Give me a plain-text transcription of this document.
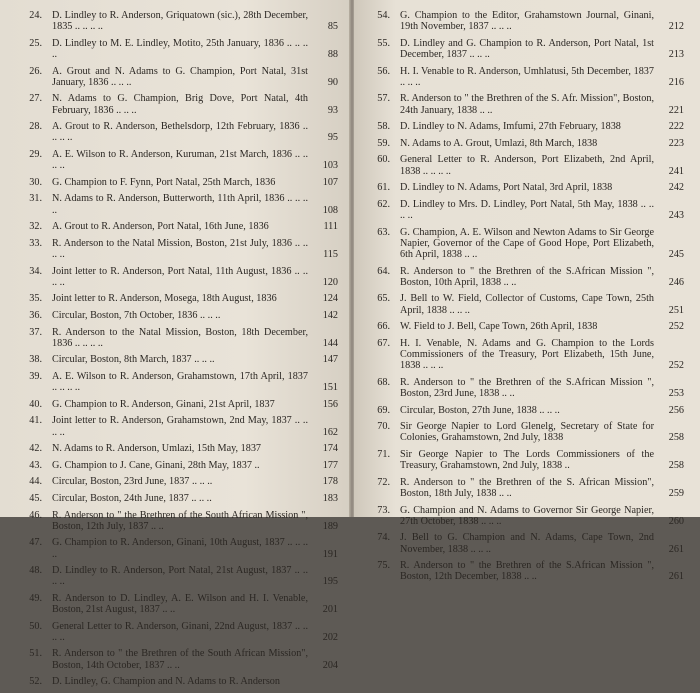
24. D. Lindley to R. Anderson, Griquatown (sic.), 28th December, 1835 .. .. .. ..	85
25. D. Lindley to M. E. Lindley, Motito, 25th January, 1836 .. .. .. ..	88
26. A. Grout and N. Adams to G. Champion, Port Natal, 31st January, 1836 .. .. ..	90
27. N. Adams to G. Champion, Brig Dove, Port Natal, 4th February, 1836 .. .. ..	93
28. A. Grout to R. Anderson, Bethelsdorp, 12th February, 1836 .. .. .. ..	95
29. A. E. Wilson to R. Anderson, Kuruman, 21st March, 1836 .. .. .. ..	103
30. G. Champion to F. Fynn, Port Natal, 25th March, 1836	107
31. N. Adams to R. Anderson, Butterworth, 11th April, 1836 .. .. .. ..	108
32. A. Grout to R. Anderson, Port Natal, 16th June, 1836	111
33. R. Anderson to the Natal Mission, Boston, 21st July, 1836 .. .. .. ..	115
34. Joint letter to R. Anderson, Port Natal, 11th August, 1836 .. .. .. ..	120
35. Joint letter to R. Anderson, Mosega, 18th August, 1836	124
36. Circular, Boston, 7th October, 1836 .. .. ..	142
37. R. Anderson to the Natal Mission, Boston, 18th December, 1836 .. .. .. ..	144
38. Circular, Boston, 8th March, 1837 .. .. ..	147
39. A. E. Wilson to R. Anderson, Grahamstown, 17th April, 1837 .. .. .. ..	151
40. G. Champion to R. Anderson, Ginani, 21st April, 1837	156
41. Joint letter to R. Anderson, Grahamstown, 2nd May, 1837 .. .. .. ..	162
42. N. Adams to R. Anderson, Umlazi, 15th May, 1837	174
43. G. Champion to J. Cane, Ginani, 28th May, 1837 ..	177
44. Circular, Boston, 23rd June, 1837 .. .. ..	178
45. Circular, Boston, 24th June, 1837 .. .. ..	183
46. R. Anderson to " the Brethren of the South African Mission ", Boston, 12th July, 1837 .. ..	189
47. G. Champion to R. Anderson, Ginani, 10th August, 1837 .. .. .. ..	191
48. D. Lindley to R. Anderson, Port Natal, 21st August, 1837 .. .. .. ..	195
49. R. Anderson to D. Lindley, A. E. Wilson and H. I. Venable, Boston, 21st August, 1837 .. ..	201
50. General Letter to R. Anderson, Ginani, 22nd August, 1837 .. .. .. ..	202
51. R. Anderson to " the Brethren of the South African Mission", Boston, 14th October, 1837 .. ..	204
52. D. Lindley, G. Champion and N. Adams to R. Anderson
54. G. Champion to the Editor, Grahamstown Journal, Ginani, 19th November, 1837 .. .. ..	212
55. D. Lindley and G. Champion to R. Anderson, Port Natal, 1st December, 1837 .. .. ..	213
56. H. I. Venable to R. Anderson, Umhlatusi, 5th December, 1837 .. .. ..	216
57. R. Anderson to " the Brethren of the S. Afr. Mission", Boston, 24th January, 1838 .. ..	221
58. D. Lindley to N. Adams, Imfumi, 27th February, 1838	222
59. N. Adams to A. Grout, Umlazi, 8th March, 1838	223
60. General Letter to R. Anderson, Port Elizabeth, 2nd April, 1838 .. .. .. ..	241
61. D. Lindley to N. Adams, Port Natal, 3rd April, 1838	242
62. D. Lindley to Mrs. D. Lindley, Port Natal, 5th May, 1838 .. .. .. ..	243
63. G. Champion, A. E. Wilson and Newton Adams to Sir George Napier, Governor of the Cape of Good Hope, Port Elizabeth, 6th April, 1838 .. ..	245
64. R. Anderson to " the Brethren of the S.African Mission ", Boston, 10th April, 1838 .. ..	246
65. J. Bell to W. Field, Collector of Customs, Cape Town, 25th April, 1838 .. .. ..	251
66. W. Field to J. Bell, Cape Town, 26th April, 1838	252
67. H. I. Venable, N. Adams and G. Champion to the Lords Commissioners of the Treasury, Port Elizabeth, 15th June, 1838 .. .. ..	252
68. R. Anderson to " the Brethren of the S.African Mission ", Boston, 23rd June, 1838 .. ..	253
69. Circular, Boston, 27th June, 1838 .. .. ..	256
70. Sir George Napier to Lord Glenelg, Secretary of State for Colonies, Grahamstown, 2nd July, 1838	258
71. Sir George Napier to The Lords Commissioners of the Treasury, Grahamstown, 2nd July, 1838 ..	258
72. R. Anderson to " the Brethren of the S. African Mission", Boston, 18th July, 1838 .. ..	259
73. G. Champion and N. Adams to Governor Sir George Napier, 27th October, 1838 .. .. ..	260
74. J. Bell to G. Champion and N. Adams, Cape Town, 2nd November, 1838 .. .. ..	261
75. R. Anderson to " the Brethren of the S.African Mission ", Boston, 12th December, 1838 .. ..	261
